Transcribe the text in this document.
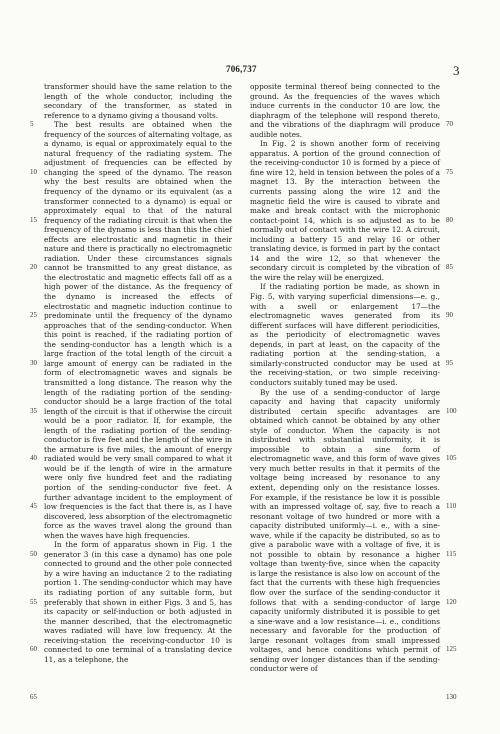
706,737	3

transformer should have the same relation to the length of the whole conductor, including the secondary of the transformer, as stated in reference to a dynamo giving a thousand volts.

The best results are obtained when the frequency of the sources of alternating voltage, as a dynamo, is equal or approximately equal to the natural frequency of the radiating system. The adjustment of frequencies can be effected by changing the speed of the dynamo. The reason why the best results are obtained when the frequency of the dynamo or its equivalent (as a transformer connected to a dynamo) is equal or approximately equal to that of the natural frequency of the radiating circuit is that when the frequency of the dynamo is less than this the chief effects are electrostatic and magnetic in their nature and there is practically no electromagnetic radiation. Under these circumstances signals cannot be transmitted to any great distance, as the electrostatic and magnetic effects fall off as a high power of the distance. As the frequency of the dynamo is increased the effects of electrostatic and magnetic induction continue to predominate until the frequency of the dynamo approaches that of the sending-conductor. When this point is reached, if the radiating portion of the sending-conductor has a length which is a large fraction of the total length of the circuit a large amount of energy can be radiated in the form of electromagnetic waves and signals be transmitted a long distance. The reason why the length of the radiating portion of the sending-conductor should be a large fraction of the total length of the circuit is that if otherwise the circuit would be a poor radiator. If, for example, the length of the radiating portion of the sending-conductor is five feet and the length of the wire in the armature is five miles, the amount of energy radiated would be very small compared to what it would be if the length of wire in the armature were only five hundred feet and the radiating portion of the sending-conductor five feet. A further advantage incident to the employment of low frequencies is the fact that there is, as I have discovered, less absorption of the electromagnetic force as the waves travel along the ground than when the waves have high frequencies.

In the form of apparatus shown in Fig. 1 the generator 3 (in this case a dynamo) has one pole connected to ground and the other pole connected by a wire having an inductance 2 to the radiating portion 1. The sending-conductor which may have its radiating portion of any suitable form, but preferably that shown in either Figs. 3 and 5, has its capacity or self-induction or both adjusted in the manner described, that the electromagnetic waves radiated will have low frequency. At the receiving-station the receiving-conductor 10 is connected to one terminal of a translating device 11, as a telephone, the

opposite terminal thereof being connected to the ground. As the frequencies of the waves which induce currents in the conductor 10 are low, the diaphragm of the telephone will respond thereto, and the vibrations of the diaphragm will produce audible notes.

In Fig. 2 is shown another form of receiving apparatus. A portion of the ground connection of the receiving-conductor 10 is formed by a piece of fine wire 12, held in tension between the poles of a magnet 13. By the interaction between the currents passing along the wire 12 and the magnetic field the wire is caused to vibrate and make and break contact with the microphonic contact-point 14, which is so adjusted as to be normally out of contact with the wire 12. A circuit, including a battery 15 and relay 16 or other translating device, is formed in part by the contact 14 and the wire 12, so that whenever the secondary circuit is completed by the vibration of the wire the relay will be energized.

If the radiating portion be made, as shown in Fig. 5, with varying superficial dimensions—e. g., with a swell or enlargement 17—the electromagnetic waves generated from its different surfaces will have different periodicities, as the periodicity of electromagnetic waves depends, in part at least, on the capacity of the radiating portion at the sending-station, a similarly-constructed conductor may be used at the receiving-station, or two simple receiving-conductors suitably tuned may be used.

By the use of a sending-conductor of large capacity and having that capacity uniformly distributed certain specific advantages are obtained which cannot be obtained by any other style of conductor. When the capacity is not distributed with substantial uniformity, it is impossible to obtain a sine form of electromagnetic wave, and this form of wave gives very much better results in that it permits of the voltage being increased by resonance to any extent, depending only on the resistance losses. For example, if the resistance be low it is possible with an impressed voltage of, say, five to reach a resonant voltage of two hundred or more with a capacity distributed uniformly—i. e., with a sine-wave, while if the capacity be distributed, so as to give a parabolic wave with a voltage of five, it is not possible to obtain by resonance a higher voltage than twenty-five, since when the capacity is large the resistance is also low on account of the fact that the currents with these high frequencies flow over the surface of the sending-conductor it follows that with a sending-conductor of large capacity uniformly distributed it is possible to get a sine-wave and a low resistance—i. e., conditions necessary and favorable for the production of large resonant voltages from small impressed voltages, and hence conditions which permit of sending over longer distances than if the sending-conductor were of

5
10
15
20
25
30
35
40
45
50
55
60
65
70
75
80
85
90
95
100
105
110
115
120
125
130
